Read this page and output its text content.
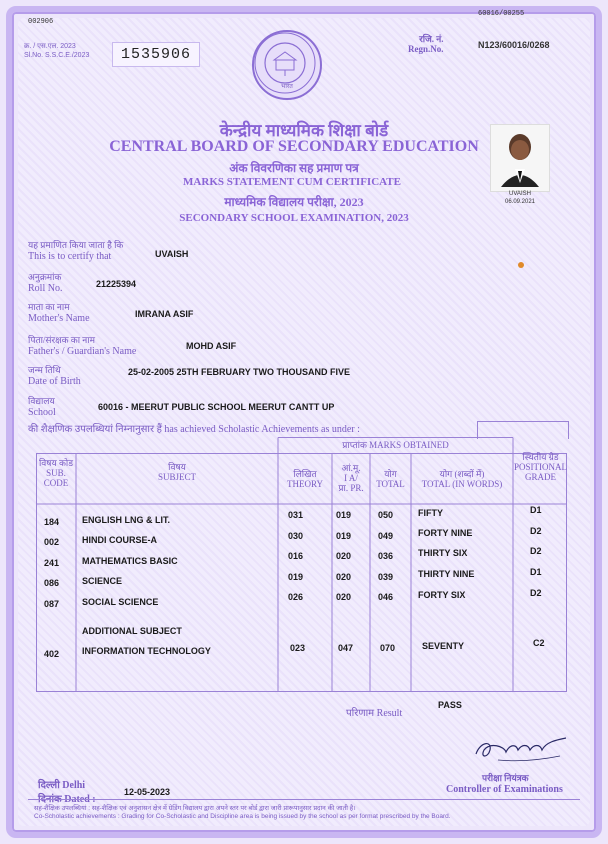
002906
60016/00255
क्र. / एस.एल. 2023
Sl.No. S.S.C.E./2023	1535906
भारत
रजि. नं.
Regn.No.	N123/60016/0268
केन्द्रीय माध्यमिक शिक्षा बोर्ड
CENTRAL BOARD OF SECONDARY EDUCATION
अंक विवरणिका सह प्रमाण पत्र
MARKS STATEMENT CUM CERTIFICATE
माध्यमिक विद्यालय परीक्षा, 2023
SECONDARY SCHOOL EXAMINATION, 2023
UVAISH
06.09.2021
यह प्रमाणित किया जाता है कि
This is to certify that	UVAISH
अनुक्रमांक
Roll No.	21225394
माता का नाम
Mother's Name	IMRANA ASIF
पिता/संरक्षक का नाम
Father's / Guardian's Name	MOHD ASIF
जन्म तिथि
Date of Birth
25-02-2005 25TH FEBRUARY TWO THOUSAND FIVE
विद्यालय
School	60016 - MEERUT PUBLIC SCHOOL MEERUT CANTT UP
की शैक्षणिक उपलब्धियां निम्नानुसार हैं has achieved Scholastic Achievements as under :
विषय कोड
SUB.
CODE
विषय
SUBJECT
प्राप्तांक MARKS OBTAINED
लिखित
THEORY
आं.मू.
I A/
प्रा. PR.
योग
TOTAL
योग (शब्दों में)
TOTAL (IN WORDS)
स्थितीय ग्रेड
POSITIONAL
GRADE
184	ENGLISH LNG & LIT.	031	019	050	FIFTY	D1
002	HINDI COURSE-A	030	019	049	FORTY NINE	D2
241	MATHEMATICS BASIC	016	020	036	THIRTY SIX	D2
086	SCIENCE	019	020	039	THIRTY NINE	D1
087	SOCIAL SCIENCE	026	020	046	FORTY SIX	D2
ADDITIONAL SUBJECT
402	INFORMATION TECHNOLOGY	023	047	070	SEVENTY	C2
परिणाम Result
PASS
दिल्ली Delhi
दिनांक Dated :
12-05-2023
परीक्षा नियंत्रक
Controller of Examinations
सह-शैक्षिक उपलब्धियां : सह-शैक्षिक एवं अनुशासन क्षेत्र में ग्रेडिंग विद्यालय द्वारा अपने स्तर पर बोर्ड द्वारा जारी प्रारूपानुसार प्रदान की जाती है।
Co-Scholastic achievements : Grading for Co-Scholastic and Discipline area is being issued by the school as per format prescribed by the Board.
